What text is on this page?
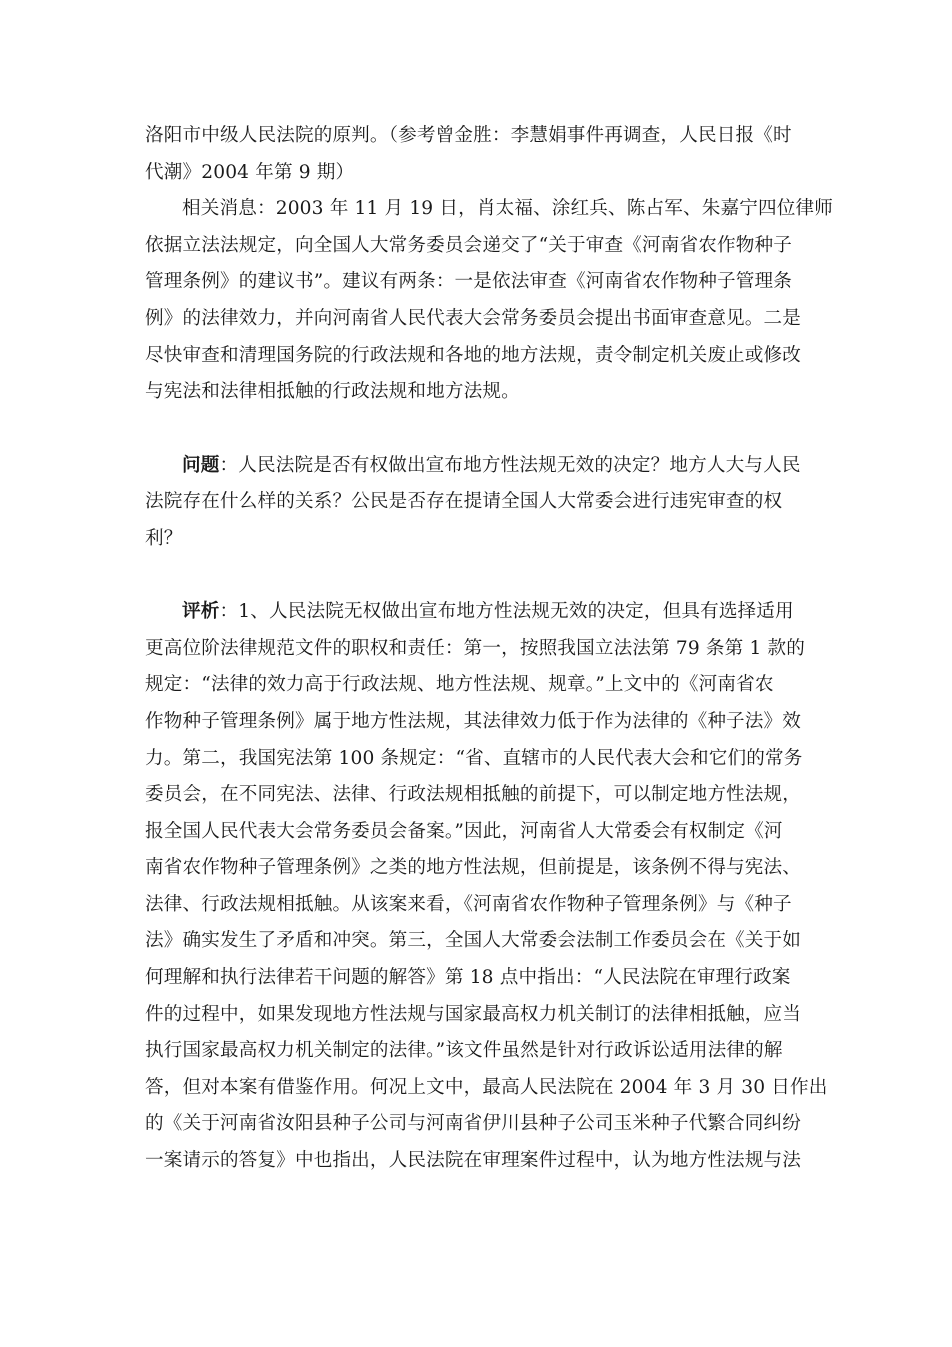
洛阳市中级人民法院的原判。（参考曾金胜：李慧娟事件再调查，人民日报《时
代潮》2004 年第 9 期）
相关消息：2003 年 11 月 19 日，肖太福、涂红兵、陈占军、朱嘉宁四位律师
依据立法法规定，向全国人大常务委员会递交了“关于审查《河南省农作物种子
管理条例》的建议书”。建议有两条：一是依法审查《河南省农作物种子管理条
例》的法律效力，并向河南省人民代表大会常务委员会提出书面审查意见。二是
尽快审查和清理国务院的行政法规和各地的地方法规，责令制定机关废止或修改
与宪法和法律相抵触的行政法规和地方法规。
问题：人民法院是否有权做出宣布地方性法规无效的决定？地方人大与人民
法院存在什么样的关系？公民是否存在提请全国人大常委会进行违宪审查的权
利？
评析：1、人民法院无权做出宣布地方性法规无效的决定，但具有选择适用
更高位阶法律规范文件的职权和责任：第一，按照我国立法法第 79 条第 1 款的
规定：“法律的效力高于行政法规、地方性法规、规章。”上文中的《河南省农
作物种子管理条例》属于地方性法规，其法律效力低于作为法律的《种子法》效
力。第二，我国宪法第 100 条规定：“省、直辖市的人民代表大会和它们的常务
委员会，在不同宪法、法律、行政法规相抵触的前提下，可以制定地方性法规，
报全国人民代表大会常务委员会备案。”因此，河南省人大常委会有权制定《河
南省农作物种子管理条例》之类的地方性法规，但前提是，该条例不得与宪法、
法律、行政法规相抵触。从该案来看，《河南省农作物种子管理条例》与《种子
法》确实发生了矛盾和冲突。第三，全国人大常委会法制工作委员会在《关于如
何理解和执行法律若干问题的解答》第 18 点中指出：“人民法院在审理行政案
件的过程中，如果发现地方性法规与国家最高权力机关制订的法律相抵触，应当
执行国家最高权力机关制定的法律。”该文件虽然是针对行政诉讼适用法律的解
答，但对本案有借鉴作用。何况上文中，最高人民法院在 2004 年 3 月 30 日作出
的《关于河南省汝阳县种子公司与河南省伊川县种子公司玉米种子代繁合同纠纷
一案请示的答复》中也指出，人民法院在审理案件过程中，认为地方性法规与法
